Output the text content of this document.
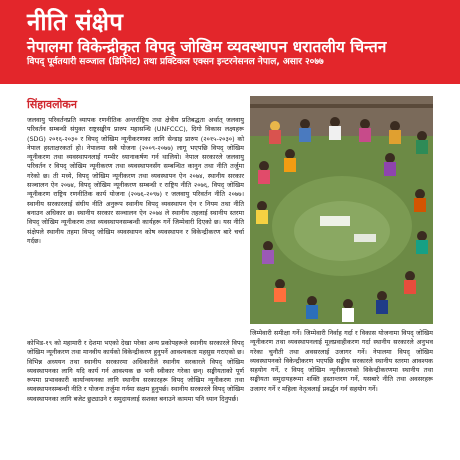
नीति संक्षेप
नेपालमा विकेन्द्रीकृत विपद् जोखिम व्यवस्थापन धरातलीय चिन्तन
विपद् पूर्वतयारी सञ्जाल (डिपिनेट) तथा प्रक्टिकल एक्सन इन्टरनेसनल नेपाल, असार २०७७
सिंहावलोकन

जलवायु परिवर्तनप्रति व्यापक रणनीतिक अन्तर्राष्ट्रिय तथा क्षेत्रीय प्रतिबद्धता अर्थात् जलवायु परिवर्तन सम्बन्धी संयुक्त राष्ट्रसङ्घीय प्रारुप महासन्धि (UNFCCC), दिगो विकास लक्ष्यहरू (SDG) २०१६-२०३० र विपद् जोखिम न्यूनीकरणका लागि सेन्डाइ प्रारुप (२०१५-२०३०) को नेपाल हस्ताक्षरकर्ता हो। नेपालमा सबै योजना (२००९-२०७७) लागू भएपछि विपद् जोखिम न्यूनीकरण तथा व्यवस्थापनलाई गम्भीर ध्यानाकर्षण गर्न थालियो। नेपाल सरकारले जलवायु परिवर्तन र विपद् जोखिम न्यूनीकरण तथा व्यवस्थापनसँग सम्बन्धित कानुन तथा नीति तर्जुमा गरेको छ। ती मध्ये, विपद् जोखिम न्यूनीकरण तथा व्यवस्थापन ऐन २०७४, स्थानीय सरकार सञ्चालन ऐन २०७४, विपद् जोखिम न्यूनीकरण सम्बन्धी र राष्ट्रिय नीति २०७६, विपद् जोखिम न्यूनीकरण राष्ट्रिय रणनीतिक कार्य योजना (२०७६-२०९७) र जलवायु परिवर्तन नीति २०७७। स्थानीय सरकारलाई संघीय नीति अनुरूप स्थानीय विपद् व्यवस्थापन ऐन र नियम तथा नीति बनाउन अधिकार छ। स्थानीय सरकार सञ्चालन ऐन २०७४ ले स्थानीय तहलाई स्थानीय स्तरमा विपद् जोखिम न्यूनीकरण तथा व्यवस्थापनसम्बन्धी कार्यहरू गर्ने जिम्मेवारी दिएको छ। यस नीति संक्षेपले स्थानीय तहमा विपद् जोखिम व्यवस्थापन कोष व्यवस्थापन र विकेन्द्रीकरण बारे चर्चा गर्दछ।

कोभिड-१९ को महामारी र देशमा भएको देखा परेका अन्य प्रकोपहरूले स्थानीय सरकारले विपद् जोखिम न्यूनीकरण तथा मानवीय कार्यको विकेन्द्रीकरण हुनुपर्ने आवश्यकता महसुस गराएको छ। विभिन्न अध्ययन तथा स्थानीय सरकारमा अधिकारीले स्थानीय सरकारले विपद् जोखिम व्यवस्थापनका लागि यदि कार्य गर्न आवश्यक छ भनी स्वीकार गरेका छन्। सङ्घीयताको पूर्ण रूपमा प्रभावकारी कार्यान्वयनका लागि स्थानीय सरकारहरू विपद् जोखिम न्यूनीकरण तथा व्यवस्थापनसम्बन्धी नीति र योजना तर्जुमा गर्नमा सक्षम हुनुपर्छ। स्थानीय सरकारले विपद् जोखिम व्यवस्थापनका लागि बजेट छुट्याउने र समुदायलाई सशक्त बनाउने काममा पनि ध्यान दिनुपर्छ।

जिम्मेवारी समीक्षा गर्ने। जिम्मेवारी निर्वाह गर्दा र विकास योजनामा विपद् जोखिम न्यूनीकरण तथा व्यवस्थापनलाई मूलप्रवाहीकरण गर्दा स्थानीय सरकारले अनुभव गरेका चुनौती तथा अवसरलाई उजागर गर्ने। नेपालमा विपद् जोखिम व्यवस्थापनको विकेन्द्रीकरण भएपछि सङ्घीय सरकारले स्थानीय स्तरमा आवश्यक सहयोग गर्ने, र विपद् जोखिम न्यूनीकरणको विकेन्द्रीकरणमा स्थानीय तथा सङ्घीयता समुदायहरूमा शक्ति हस्तान्तरण गर्ने, यसबारे नीति तथा अवसरहरू उजागर गर्ने र महिला नेतृत्वलाई प्रवर्द्धन गर्न सहयोग गर्ने।
